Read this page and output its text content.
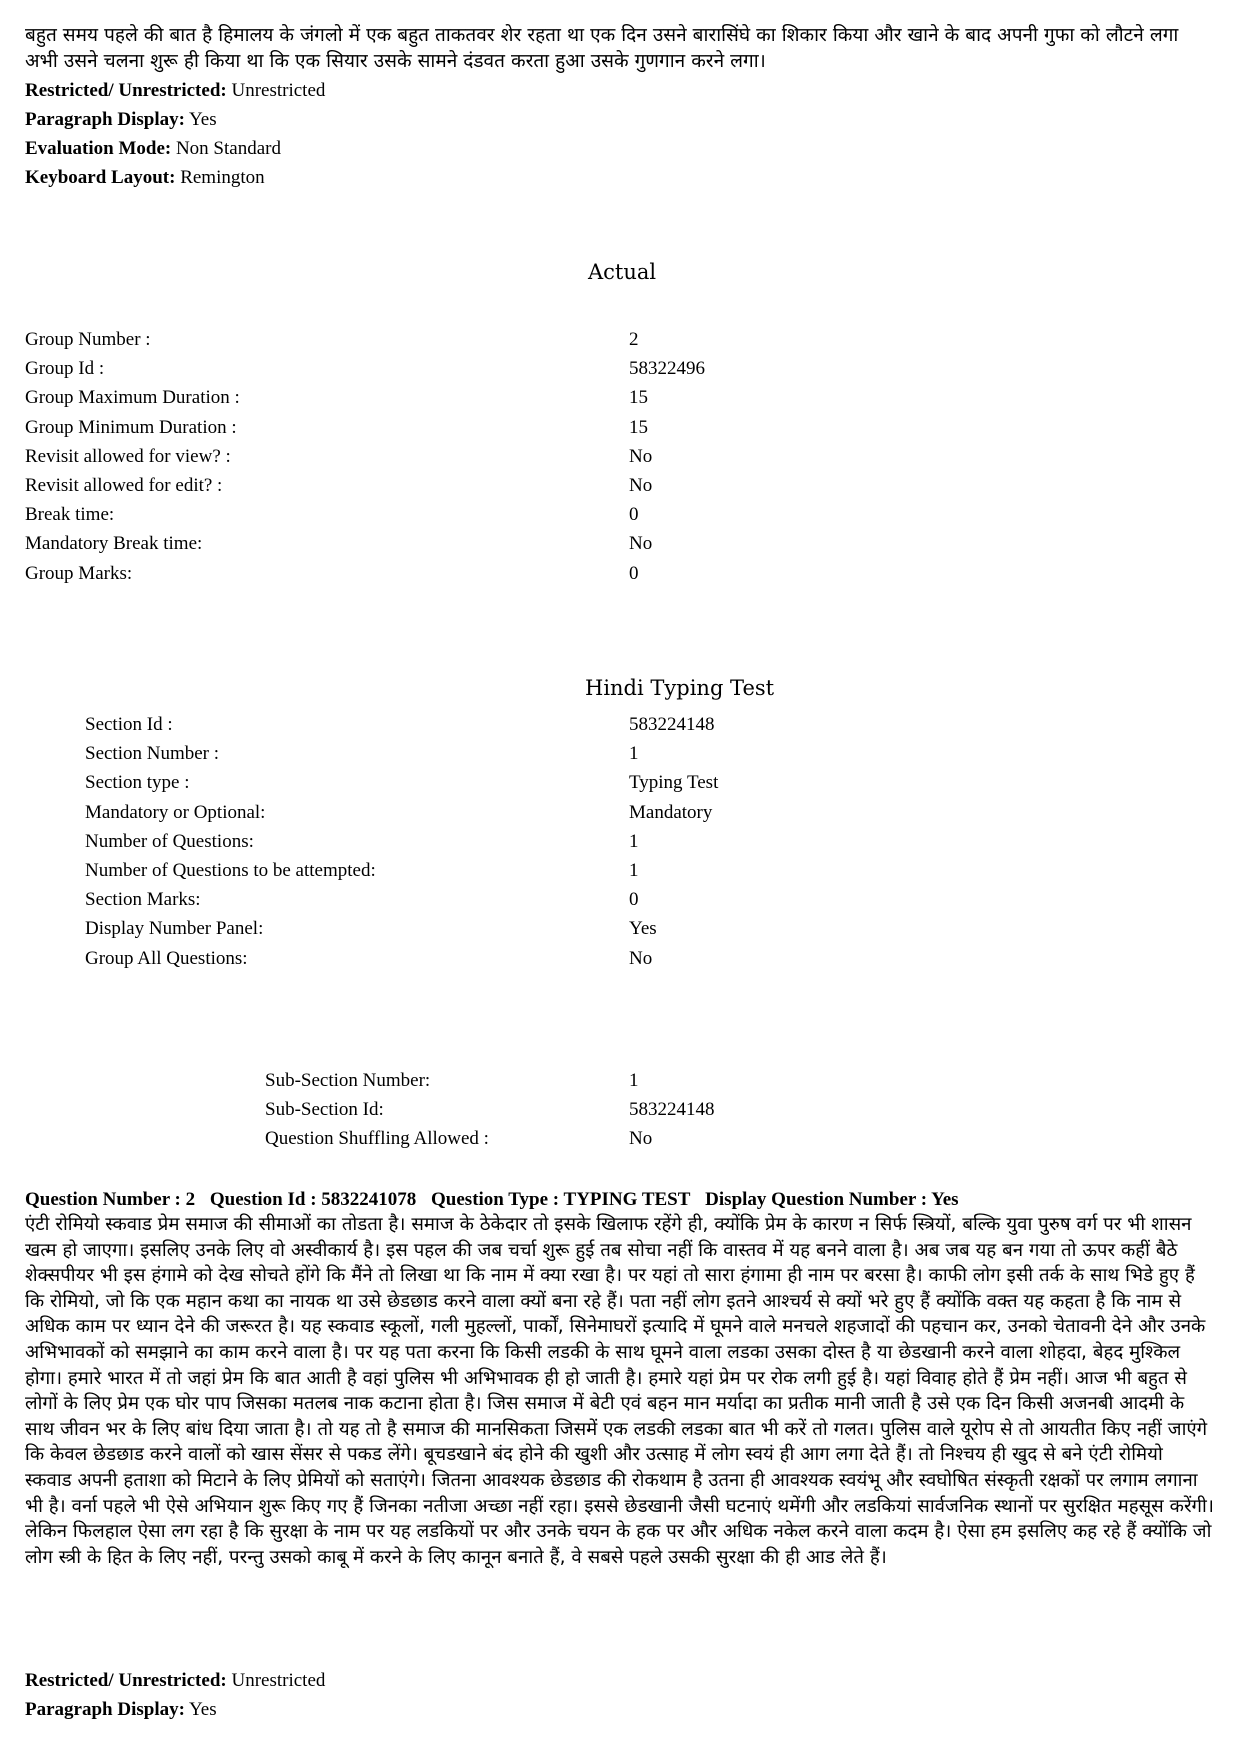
बहुत समय पहले की बात है हिमालय के जंगलो में एक बहुत ताकतवर शेर रहता था एक दिन उसने बारासिंघे का शिकार किया और खाने के बाद अपनी गुफा को लौटने लगा अभी उसने चलना शुरू ही किया था कि एक सियार उसके सामने दंडवत करता हुआ उसके गुणगान करने लगा।
Restricted/ Unrestricted: Unrestricted
Paragraph Display: Yes
Evaluation Mode: Non Standard
Keyboard Layout: Remington
Actual
Group Number :	2
Group Id :	58322496
Group Maximum Duration :	15
Group Minimum Duration :	15
Revisit allowed for view? :	No
Revisit allowed for edit? :	No
Break time:	0
Mandatory Break time:	No
Group Marks:	0
Hindi Typing Test
Section Id :	583224148
Section Number :	1
Section type :	Typing Test
Mandatory or Optional:	Mandatory
Number of Questions:	1
Number of Questions to be attempted:	1
Section Marks:	0
Display Number Panel:	Yes
Group All Questions:	No
Sub-Section Number:	1
Sub-Section Id:	583224148
Question Shuffling Allowed :	No
Question Number : 2 Question Id : 5832241078 Question Type : TYPING TEST Display Question Number : Yes
एंटी रोमियो स्कवाड प्रेम समाज की सीमाओं का तोडता है। समाज के ठेकेदार तो इसके खिलाफ रहेंगे ही, क्योंकि प्रेम के कारण न सिर्फ स्त्रियों, बल्कि युवा पुरुष वर्ग पर भी शासन खत्म हो जाएगा। इसलिए उनके लिए वो अस्वीकार्य है। इस पहल की जब चर्चा शुरू हुई तब सोचा नहीं कि वास्तव में यह बनने वाला है। अब जब यह बन गया तो ऊपर कहीं बैठे शेक्सपीयर भी इस हंगामे को देख सोचते होंगे कि मैंने तो लिखा था कि नाम में क्या रखा है। पर यहां तो सारा हंगामा ही नाम पर बरसा है। काफी लोग इसी तर्क के साथ भिडे हुए हैं कि रोमियो, जो कि एक महान कथा का नायक था उसे छेडछाड करने वाला क्यों बना रहे हैं। पता नहीं लोग इतने आश्चर्य से क्यों भरे हुए हैं क्योंकि वक्त यह कहता है कि नाम से अधिक काम पर ध्यान देने की जरूरत है। यह स्कवाड स्कूलों, गली मुहल्लों, पार्कों, सिनेमाघरों इत्यादि में घूमने वाले मनचले शहजादों की पहचान कर, उनको चेतावनी देने और उनके अभिभावकों को समझाने का काम करने वाला है। पर यह पता करना कि किसी लडकी के साथ घूमने वाला लडका उसका दोस्त है या छेडखानी करने वाला शोहदा, बेहद मुश्किल होगा। हमारे भारत में तो जहां प्रेम कि बात आती है वहां पुलिस भी अभिभावक ही हो जाती है। हमारे यहां प्रेम पर रोक लगी हुई है। यहां विवाह होते हैं प्रेम नहीं। आज भी बहुत से लोगों के लिए प्रेम एक घोर पाप जिसका मतलब नाक कटाना होता है। जिस समाज में बेटी एवं बहन मान मर्यादा का प्रतीक मानी जाती है उसे एक दिन किसी अजनबी आदमी के साथ जीवन भर के लिए बांध दिया जाता है। तो यह तो है समाज की मानसिकता जिसमें एक लडकी लडका बात भी करें तो गलत। पुलिस वाले यूरोप से तो आयतीत किए नहीं जाएंगे कि केवल छेडछाड करने वालों को खास सेंसर से पकड लेंगे। बूचडखाने बंद होने की खुशी और उत्साह में लोग स्वयं ही आग लगा देते हैं। तो निश्चय ही खुद से बने एंटी रोमियो स्कवाड अपनी हताशा को मिटाने के लिए प्रेमियों को सताएंगे। जितना आवश्यक छेडछाड की रोकथाम है उतना ही आवश्यक स्वयंभू और स्वघोषित संस्कृती रक्षकों पर लगाम लगाना भी है। वर्ना पहले भी ऐसे अभियान शुरू किए गए हैं जिनका नतीजा अच्छा नहीं रहा। इससे छेडखानी जैसी घटनाएं थमेंगी और लडकियां सार्वजनिक स्थानों पर सुरक्षित महसूस करेंगी। लेकिन फिलहाल ऐसा लग रहा है कि सुरक्षा के नाम पर यह लडकियों पर और उनके चयन के हक पर और अधिक नकेल करने वाला कदम है। ऐसा हम इसलिए कह रहे हैं क्योंकि जो लोग स्त्री के हित के लिए नहीं, परन्तु उसको काबू में करने के लिए कानून बनाते हैं, वे सबसे पहले उसकी सुरक्षा की ही आड लेते हैं।
Restricted/ Unrestricted: Unrestricted
Paragraph Display: Yes
